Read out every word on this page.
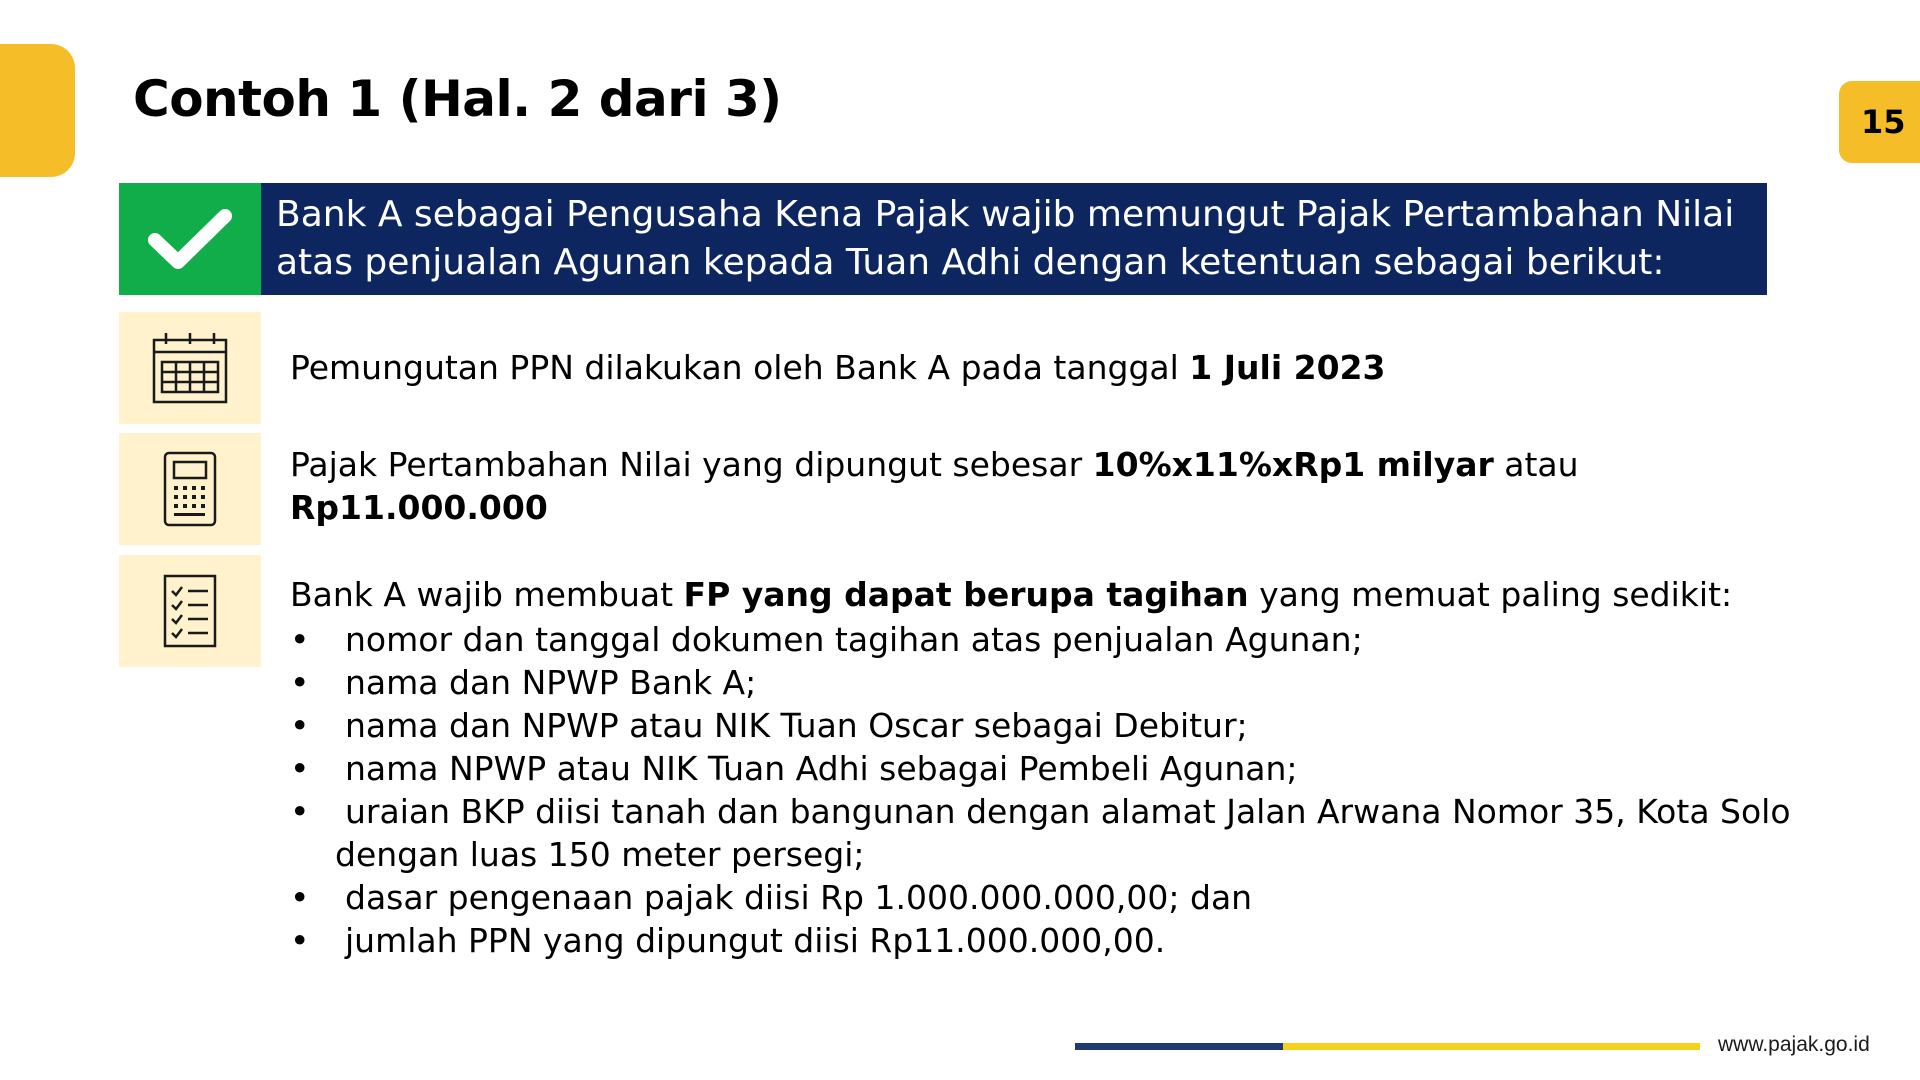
Contoh 1 (Hal. 2 dari 3)	15
Bank A sebagai Pengusaha Kena Pajak wajib memungut Pajak Pertambahan Nilai
atas penjualan Agunan kepada Tuan Adhi dengan ketentuan sebagai berikut:
Pemungutan PPN dilakukan oleh Bank A pada tanggal 1 Juli 2023
Pajak Pertambahan Nilai yang dipungut sebesar 10%x11%xRp1 milyar atau
Rp11.000.000
Bank A wajib membuat FP yang dapat berupa tagihan yang memuat paling sedikit:
• nomor dan tanggal dokumen tagihan atas penjualan Agunan;
• nama dan NPWP Bank A;
• nama dan NPWP atau NIK Tuan Oscar sebagai Debitur;
• nama NPWP atau NIK Tuan Adhi sebagai Pembeli Agunan;
• uraian BKP diisi tanah dan bangunan dengan alamat Jalan Arwana Nomor 35, Kota Solo
dengan luas 150 meter persegi;
• dasar pengenaan pajak diisi Rp 1.000.000.000,00; dan
• jumlah PPN yang dipungut diisi Rp11.000.000,00.
www.pajak.go.id
